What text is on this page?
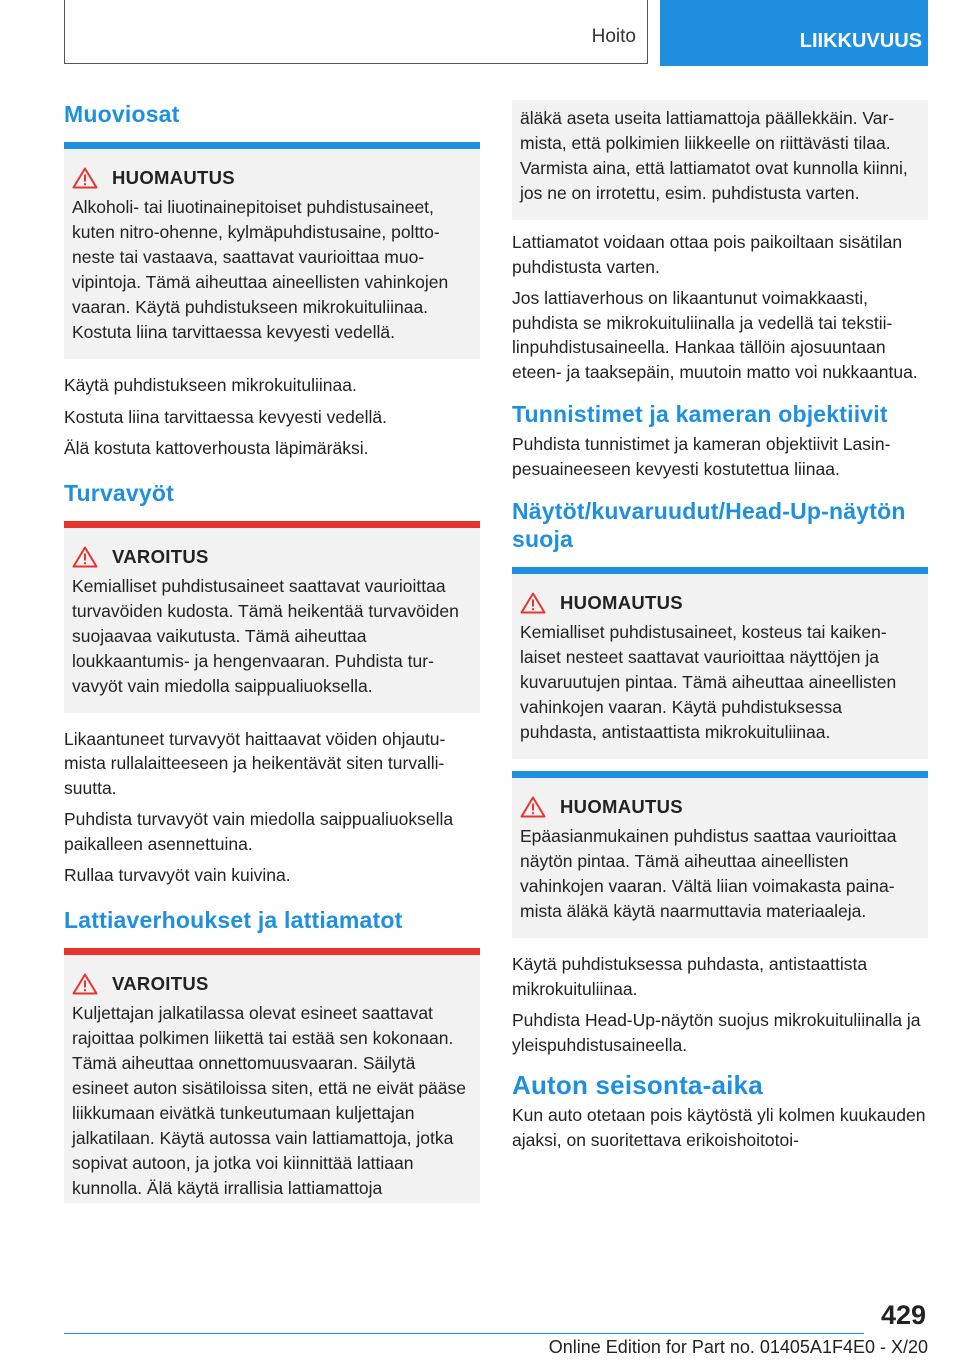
Hoito	LIIKKUVUUS
Muoviosat
HUOMAUTUS

Alkoholi- tai liuotinainepitoiset puhdistusaineet, kuten nitro-ohenne, kylmäpuhdistusaine, polttoneste tai vastaava, saattavat vaurioittaa muovipintoja. Tämä aiheuttaa aineellisten vahinkojen vaaran. Käytä puhdistukseen mikrokuituliinaa. Kostuta liina tarvittaessa kevyesti vedellä.

Käytä puhdistukseen mikrokuituliinaa.

Kostuta liina tarvittaessa kevyesti vedellä.

Älä kostuta kattoverhousta läpimäräksi.

Turvavyöt
VAROITUS

Kemialliset puhdistusaineet saattavat vaurioittaa turvavöiden kudosta. Tämä heikentää turvavöiden suojaavaa vaikutusta. Tämä aiheuttaa loukkaantumis- ja hengenvaaran. Puhdista turvavyöt vain miedolla saippualiuoksella.

Likaantuneet turvavyöt haittaavat vöiden ohjautumista rullalaitteeseen ja heikentävät siten turvallisuutta.

Puhdista turvavyöt vain miedolla saippualiuoksella paikalleen asennettuina.

Rullaa turvavyöt vain kuivina.

Lattiaverhoukset ja lattiamatot
VAROITUS

Kuljettajan jalkatilassa olevat esineet saattavat rajoittaa polkimen liikettä tai estää sen kokonaan. Tämä aiheuttaa onnettomuusvaaran. Säilytä esineet auton sisätiloissa siten, että ne eivät pääse liikkumaan eivätkä tunkeutumaan kuljettajan jalkatilaan. Käytä autossa vain lattiamattoja, jotka sopivat autoon, ja jotka voi kiinnittää lattiaan kunnolla. Älä käytä irrallisia lattiamattoja

äläkä aseta useita lattiamattoja päällekkäin. Varmista, että polkimien liikkeelle on riittävästi tilaa. Varmista aina, että lattiamatot ovat kunnolla kiinni, jos ne on irrotettu, esim. puhdistusta varten.

Lattiamatot voidaan ottaa pois paikoiltaan sisätilan puhdistusta varten.

Jos lattiaverhous on likaantunut voimakkaasti, puhdista se mikrokuituliinalla ja vedellä tai tekstiilinpuhdistusaineella. Hankaa tällöin ajosuuntaan eteen- ja taaksepäin, muutoin matto voi nukkaantua.

Tunnistimet ja kameran objektiivit

Puhdista tunnistimet ja kameran objektiivit Lasinpesuaineeseen kevyesti kostutettua liinaa.

Näytöt/kuvaruudut/Head-Up-näytön suoja
HUOMAUTUS

Kemialliset puhdistusaineet, kosteus tai kaikenlaiset nesteet saattavat vaurioittaa näyttöjen ja kuvaruutujen pintaa. Tämä aiheuttaa aineellisten vahinkojen vaaran. Käytä puhdistuksessa puhdasta, antistaattista mikrokuituliinaa.

HUOMAUTUS

Epäasianmukainen puhdistus saattaa vaurioittaa näytön pintaa. Tämä aiheuttaa aineellisten vahinkojen vaaran. Vältä liian voimakasta painamista äläkä käytä naarmuttavia materiaaleja.

Käytä puhdistuksessa puhdasta, antistaattista mikrokuituliinaa.

Puhdista Head-Up-näytön suojus mikrokuituliinalla ja yleispuhdistusaineella.

Auton seisonta-aika

Kun auto otetaan pois käytöstä yli kolmen kuukauden ajaksi, on suoritettava erikoishoitotoi-

429
Online Edition for Part no. 01405A1F4E0 - X/20
